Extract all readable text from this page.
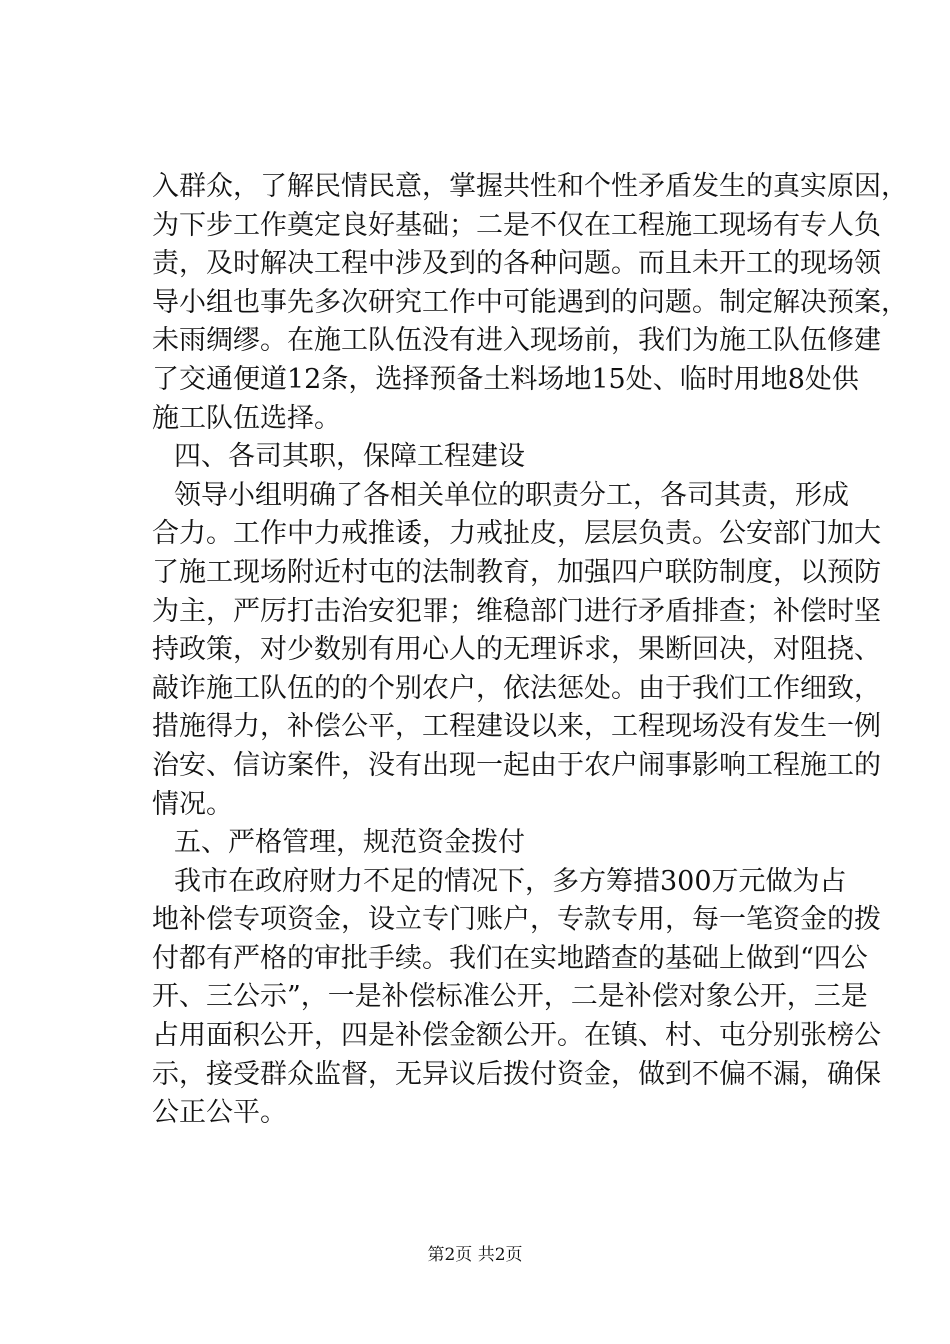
入群众，了解民情民意，掌握共性和个性矛盾发生的真实原因，
为下步工作奠定良好基础；二是不仅在工程施工现场有专人负
责，及时解决工程中涉及到的各种问题。而且未开工的现场领
导小组也事先多次研究工作中可能遇到的问题。制定解决预案，
未雨绸缪。在施工队伍没有进入现场前，我们为施工队伍修建
了交通便道12条，选择预备土料场地15处、临时用地8处供
施工队伍选择。
四、各司其职，保障工程建设
领导小组明确了各相关单位的职责分工，各司其责，形成
合力。工作中力戒推诿，力戒扯皮，层层负责。公安部门加大
了施工现场附近村屯的法制教育，加强四户联防制度，以预防
为主，严厉打击治安犯罪；维稳部门进行矛盾排查；补偿时坚
持政策，对少数别有用心人的无理诉求，果断回决，对阻挠、
敲诈施工队伍的的个别农户，依法惩处。由于我们工作细致，
措施得力，补偿公平，工程建设以来，工程现场没有发生一例
治安、信访案件，没有出现一起由于农户闹事影响工程施工的
情况。
五、严格管理，规范资金拨付
我市在政府财力不足的情况下，多方筹措300万元做为占
地补偿专项资金，设立专门账户，专款专用，每一笔资金的拨
付都有严格的审批手续。我们在实地踏查的基础上做到“四公
开、三公示”，一是补偿标准公开，二是补偿对象公开，三是
占用面积公开，四是补偿金额公开。在镇、村、屯分别张榜公
示，接受群众监督，无异议后拨付资金，做到不偏不漏，确保
公正公平。
第2页 共2页
